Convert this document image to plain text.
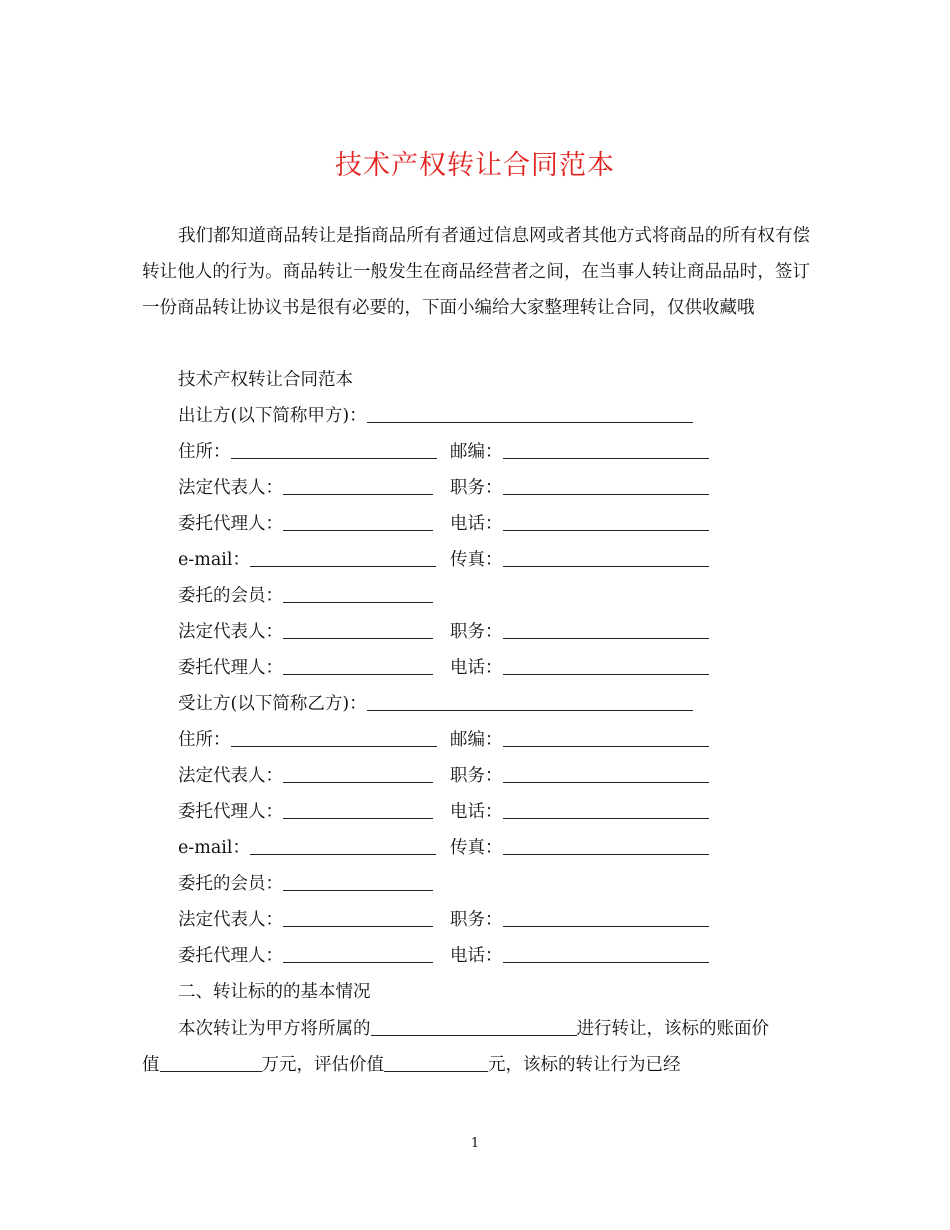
技术产权转让合同范本
我们都知道商品转让是指商品所有者通过信息网或者其他方式将商品的所有权有偿转让他人的行为。商品转让一般发生在商品经营者之间，在当事人转让商品品时，签订一份商品转让协议书是很有必要的，下面小编给大家整理转让合同，仅供收藏哦
技术产权转让合同范本
出让方(以下简称甲方)：
住所：	邮编：
法定代表人：	职务：
委托代理人：	电话：
e-mail：	传真：
委托的会员：
法定代表人：	职务：
委托代理人：	电话：
受让方(以下简称乙方)：
住所：	邮编：
法定代表人：	职务：
委托代理人：	电话：
e-mail：	传真：
委托的会员：
法定代表人：	职务：
委托代理人：	电话：
二、转让标的的基本情况
本次转让为甲方将所属的	进行转让，该标的账面价
值	万元，评估价值	元，该标的转让行为已经
1
